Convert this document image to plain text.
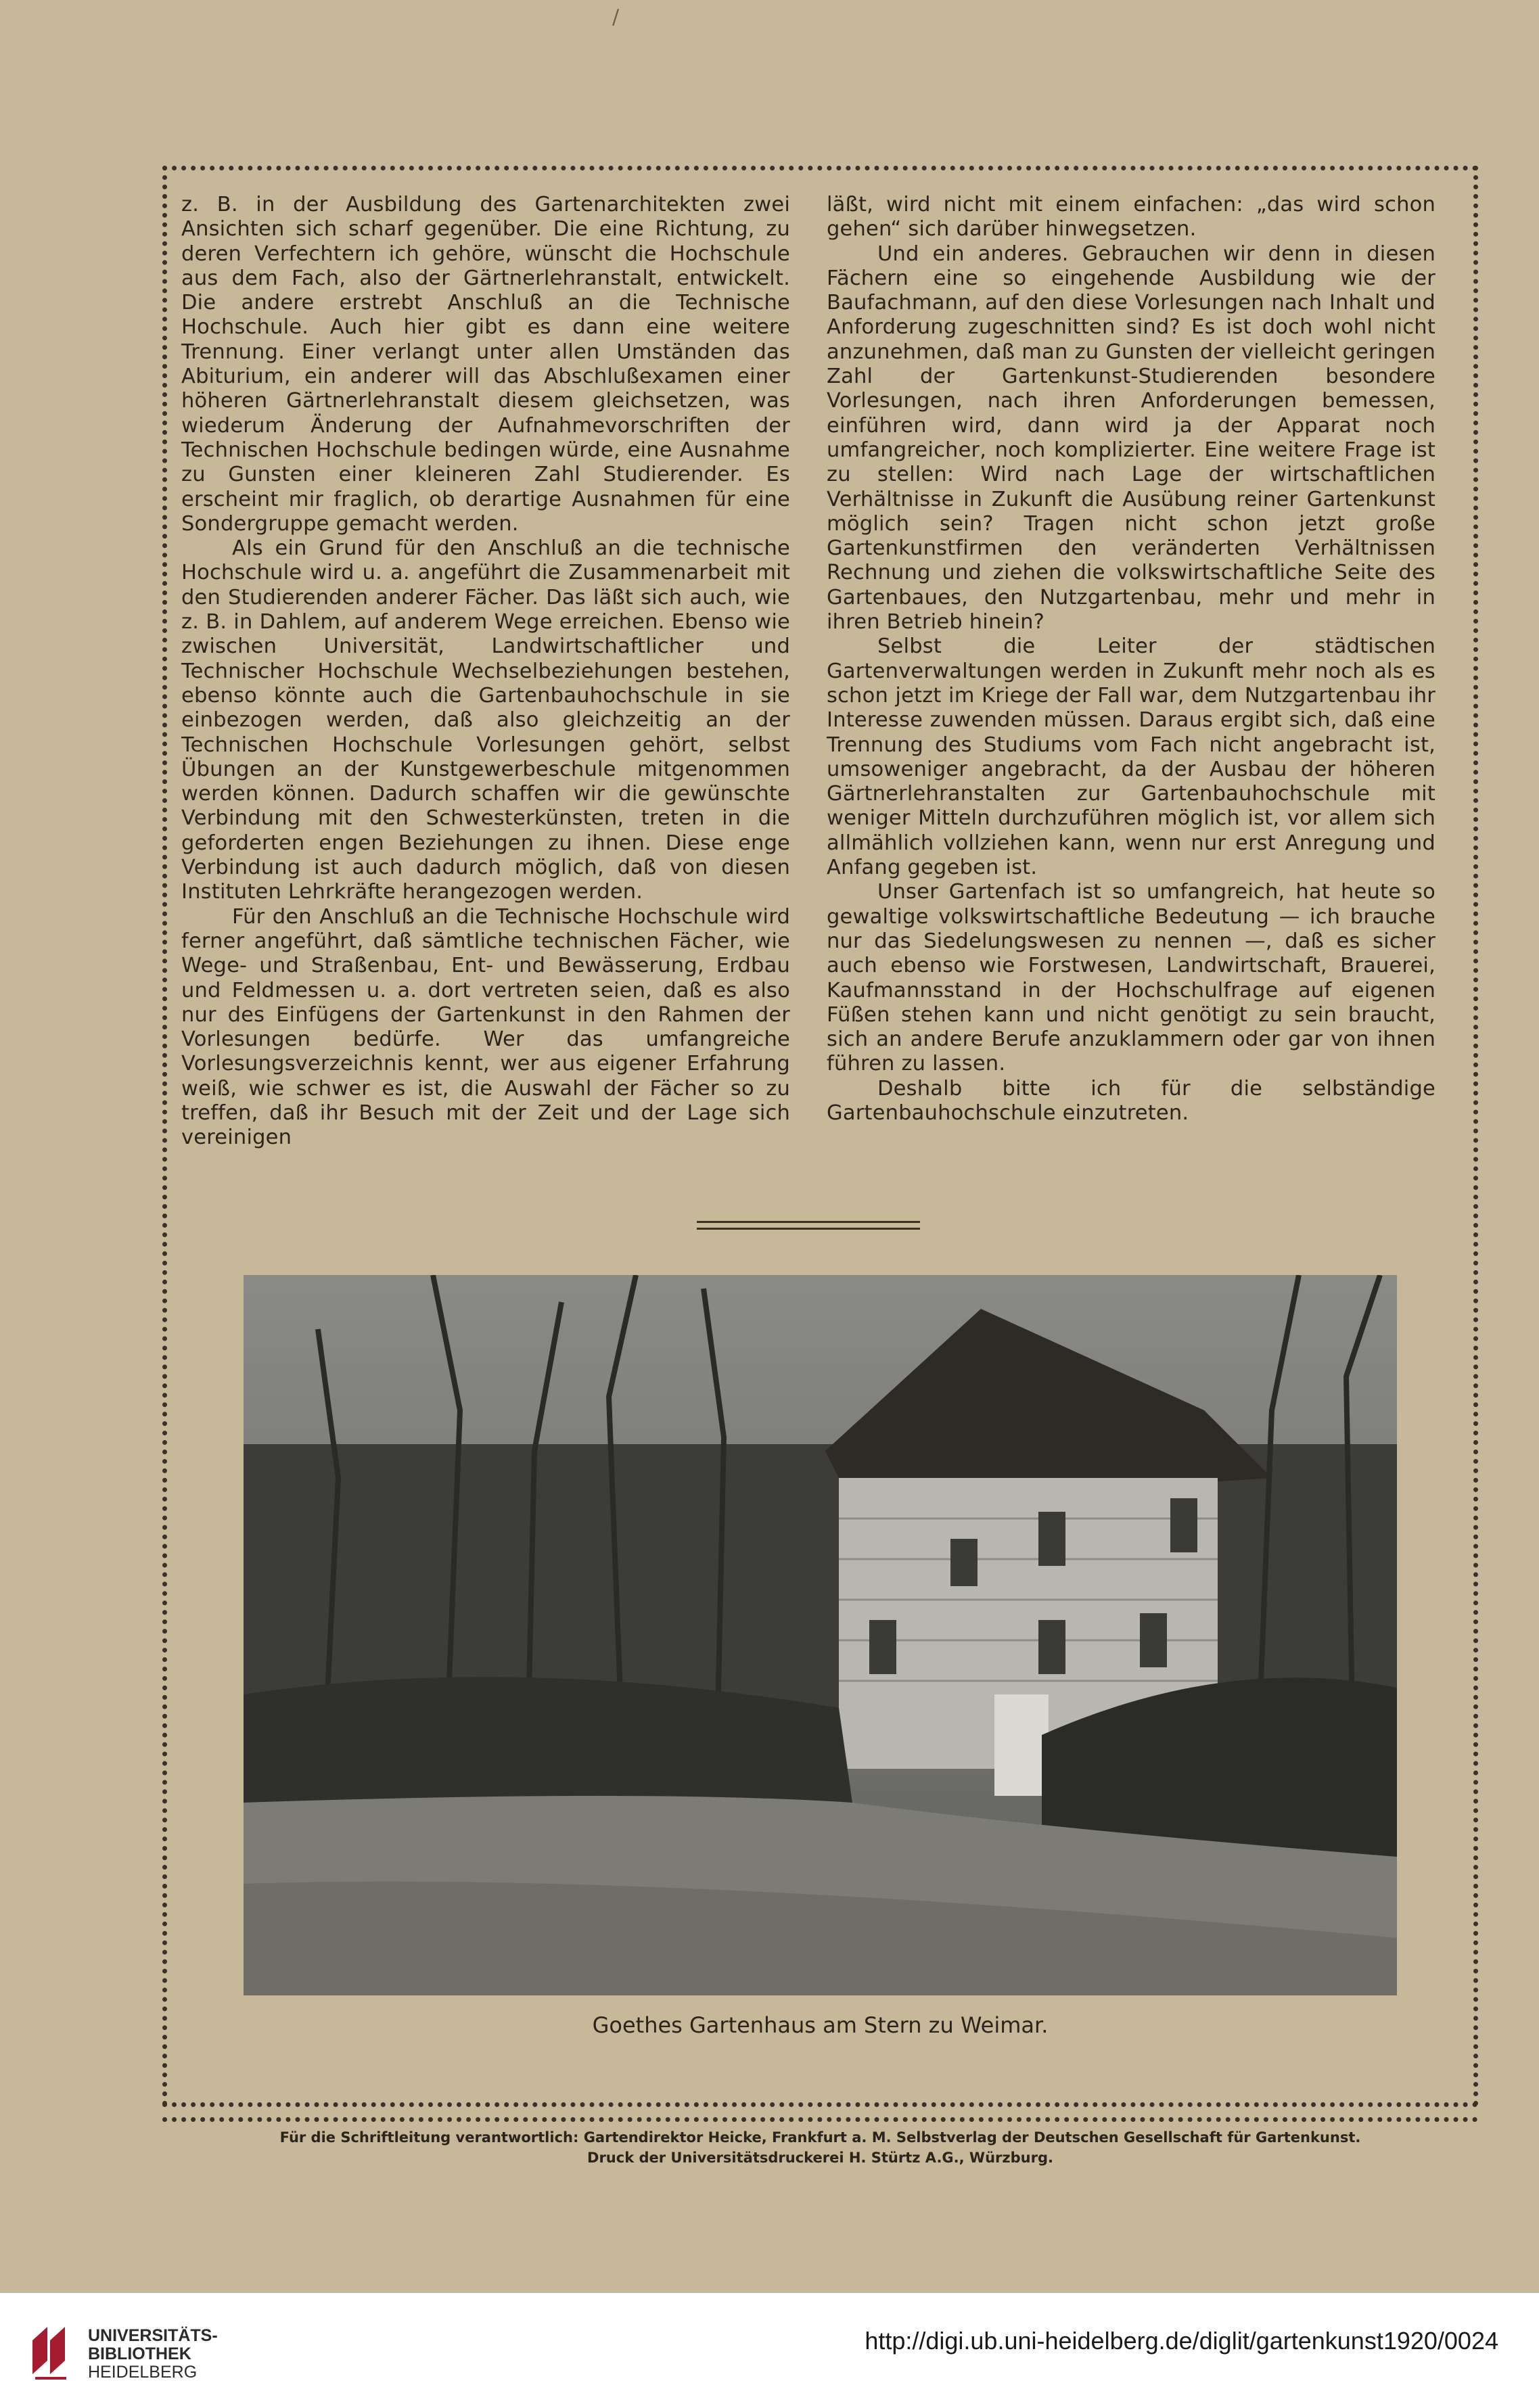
/

z. B. in der Ausbildung des Gartenarchitekten zwei Ansichten sich scharf gegenüber. Die eine Richtung, zu deren Verfechtern ich gehöre, wünscht die Hochschule aus dem Fach, also der Gärtnerlehranstalt, entwickelt. Die andere erstrebt Anschluß an die Technische Hochschule. Auch hier gibt es dann eine weitere Trennung. Einer verlangt unter allen Umständen das Abiturium, ein anderer will das Abschlußexamen einer höheren Gärtnerlehranstalt diesem gleichsetzen, was wiederum Änderung der Aufnahmevorschriften der Technischen Hochschule bedingen würde, eine Ausnahme zu Gunsten einer kleineren Zahl Studierender. Es erscheint mir fraglich, ob derartige Ausnahmen für eine Sondergruppe gemacht werden.

Als ein Grund für den Anschluß an die technische Hochschule wird u. a. angeführt die Zusammenarbeit mit den Studierenden anderer Fächer. Das läßt sich auch, wie z. B. in Dahlem, auf anderem Wege erreichen. Ebenso wie zwischen Universität, Landwirtschaftlicher und Technischer Hochschule Wechselbeziehungen bestehen, ebenso könnte auch die Gartenbauhochschule in sie einbezogen werden, daß also gleichzeitig an der Technischen Hochschule Vorlesungen gehört, selbst Übungen an der Kunstgewerbeschule mitgenommen werden können. Dadurch schaffen wir die gewünschte Verbindung mit den Schwesterkünsten, treten in die geforderten engen Beziehungen zu ihnen. Diese enge Verbindung ist auch dadurch möglich, daß von diesen Instituten Lehrkräfte herangezogen werden.

Für den Anschluß an die Technische Hochschule wird ferner angeführt, daß sämtliche technischen Fächer, wie Wege- und Straßenbau, Ent- und Bewässerung, Erdbau und Feldmessen u. a. dort vertreten seien, daß es also nur des Einfügens der Gartenkunst in den Rahmen der Vorlesungen bedürfe. Wer das umfangreiche Vorlesungsverzeichnis kennt, wer aus eigener Erfahrung weiß, wie schwer es ist, die Auswahl der Fächer so zu treffen, daß ihr Besuch mit der Zeit und der Lage sich vereinigen

läßt, wird nicht mit einem einfachen: „das wird schon gehen“ sich darüber hinwegsetzen.

Und ein anderes. Gebrauchen wir denn in diesen Fächern eine so eingehende Ausbildung wie der Baufachmann, auf den diese Vorlesungen nach Inhalt und Anforderung zugeschnitten sind? Es ist doch wohl nicht anzunehmen, daß man zu Gunsten der vielleicht geringen Zahl der Gartenkunst-Studierenden besondere Vorlesungen, nach ihren Anforderungen bemessen, einführen wird, dann wird ja der Apparat noch umfangreicher, noch komplizierter. Eine weitere Frage ist zu stellen: Wird nach Lage der wirtschaftlichen Verhältnisse in Zukunft die Ausübung reiner Gartenkunst möglich sein? Tragen nicht schon jetzt große Gartenkunstfirmen den veränderten Verhältnissen Rechnung und ziehen die volkswirtschaftliche Seite des Gartenbaues, den Nutzgartenbau, mehr und mehr in ihren Betrieb hinein?

Selbst die Leiter der städtischen Gartenverwaltungen werden in Zukunft mehr noch als es schon jetzt im Kriege der Fall war, dem Nutzgartenbau ihr Interesse zuwenden müssen. Daraus ergibt sich, daß eine Trennung des Studiums vom Fach nicht angebracht ist, umsoweniger angebracht, da der Ausbau der höheren Gärtnerlehranstalten zur Gartenbauhochschule mit weniger Mitteln durchzuführen möglich ist, vor allem sich allmählich vollziehen kann, wenn nur erst Anregung und Anfang gegeben ist.

Unser Gartenfach ist so umfangreich, hat heute so gewaltige volkswirtschaftliche Bedeutung — ich brauche nur das Siedelungswesen zu nennen —, daß es sicher auch ebenso wie Forstwesen, Landwirtschaft, Brauerei, Kaufmannsstand in der Hochschulfrage auf eigenen Füßen stehen kann und nicht genötigt zu sein braucht, sich an andere Berufe anzuklammern oder gar von ihnen führen zu lassen.

Deshalb bitte ich für die selbständige Gartenbauhochschule einzutreten.

Goethes Gartenhaus am Stern zu Weimar.
Für die Schriftleitung verantwortlich: Gartendirektor Heicke, Frankfurt a. M. Selbstverlag der Deutschen Gesellschaft für Gartenkunst.
Druck der Universitätsdruckerei H. Stürtz A.G., Würzburg.
UNIVERSITÄTS-
BIBLIOTHEK
HEIDELBERG
http://digi.ub.uni-heidelberg.de/diglit/gartenkunst1920/0024
